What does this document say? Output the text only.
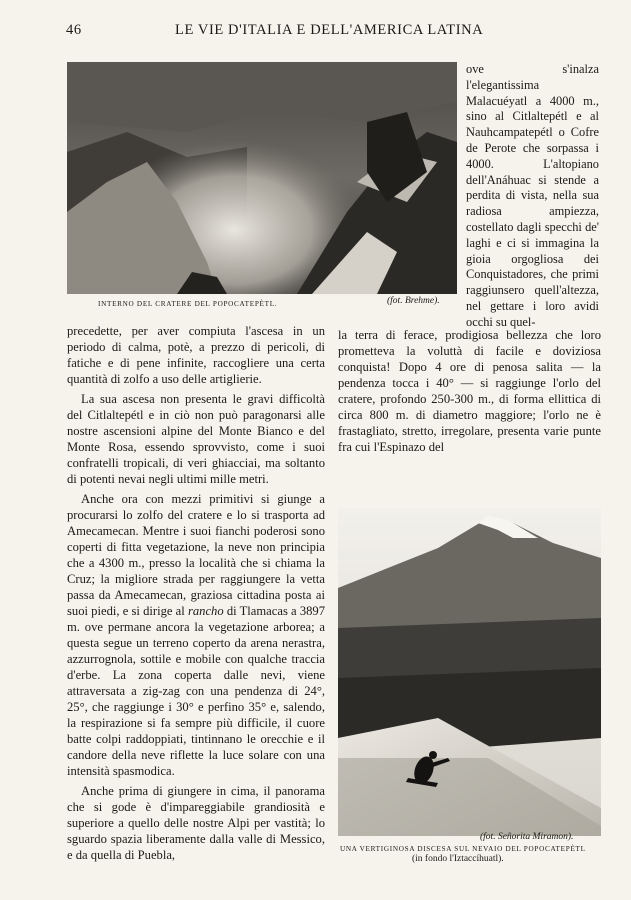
46	LE VIE D'ITALIA E DELL'AMERICA LATINA
INTERNO DEL CRATERE DEL POPOCATEPÈTL.	(fot. Brehme).
ove s'inalza l'elegantissima Malacuéyatl a 4000 m., sino al Citlaltepétl e al Nauhcampatepétl o Cofre de Perote che sorpassa i 4000. L'altopiano dell'Anáhuac si stende a perdita di vista, nella sua radiosa ampiezza, costellato dagli specchi de' laghi e ci si immagina la gioia orgogliosa dei Conquistadores, che primi raggiunsero quell'altezza, nel gettare i loro avidi occhi su quel-
la terra di ferace, prodigiosa bellezza che loro prometteva la voluttà di facile e doviziosa conquista! Dopo 4 ore di penosa salita — la pendenza tocca i 40° — si raggiunge l'orlo del cratere, profondo 250-300 m., di forma ellittica di circa 800 m. di diametro maggiore; l'orlo ne è frastagliato, stretto, irregolare, presenta varie punte fra cui l'Espinazo del

precedette, per aver compiuta l'ascesa in un periodo di calma, potè, a prezzo di pericoli, di fatiche e di pene infinite, raccogliere una certa quantità di zolfo a uso delle artiglierie.

La sua ascesa non presenta le gravi difficoltà del Citlaltepétl e in ciò non può paragonarsi alle nostre ascensioni alpine del Monte Bianco e del Monte Rosa, essendo sprovvisto, come i suoi confratelli tropicali, di veri ghiacciai, ma soltanto di potenti nevai negli ultimi mille metri.

Anche ora con mezzi primitivi si giunge a procurarsi lo zolfo del cratere e lo si trasporta ad Amecamecan. Mentre i suoi fianchi poderosi sono coperti di fitta vegetazione, la neve non principia che a 4300 m., presso la località che si chiama la Cruz; la migliore strada per raggiungere la vetta passa da Amecamecan, graziosa cittadina posta ai suoi piedi, e si dirige al rancho di Tlamacas a 3897 m. ove permane ancora la vegetazione arborea; a questa segue un terreno coperto da arena nerastra, azzurrognola, sottile e mobile con qualche traccia d'erbe. La zona coperta dalle nevi, viene attraversata a zig-zag con una pendenza di 24°, 25°, che raggiunge i 30° e perfino 35° e, salendo, la respirazione si fa sempre più difficile, il cuore batte colpi raddoppiati, tintinnano le orecchie e il candore della neve riflette la luce solare con una intensità spasmodica.

Anche prima di giungere in cima, il panorama che si gode è d'impareggiabile grandiosità e superiore a quello delle nostre Alpi per vastità; lo sguardo spazia liberamente dalla valle di Messico, e da quella di Puebla,

(fot. Señorita Miramon).
UNA VERTIGINOSA DISCESA SUL NEVAIO DEL POPOCATEPÈTL
(in fondo l'Iztaccíhuatl).
